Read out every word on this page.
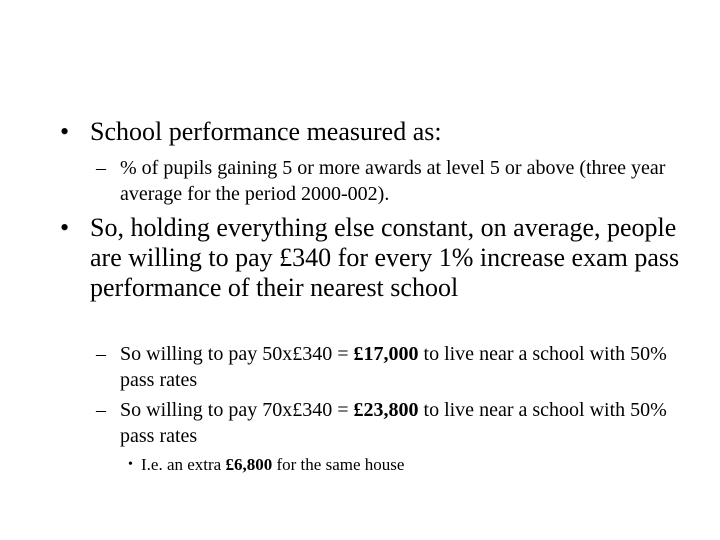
• School performance measured as:
– % of pupils gaining 5 or more awards at level 5 or above (three year average for the period 2000-002).
• So, holding everything else constant, on average, people are willing to pay £340 for every 1% increase exam pass performance of their nearest school
– So willing to pay 50x£340 = £17,000 to live near a school with 50% pass rates
– So willing to pay 70x£340 = £23,800 to live near a school with 50% pass rates
• I.e. an extra £6,800 for the same house
